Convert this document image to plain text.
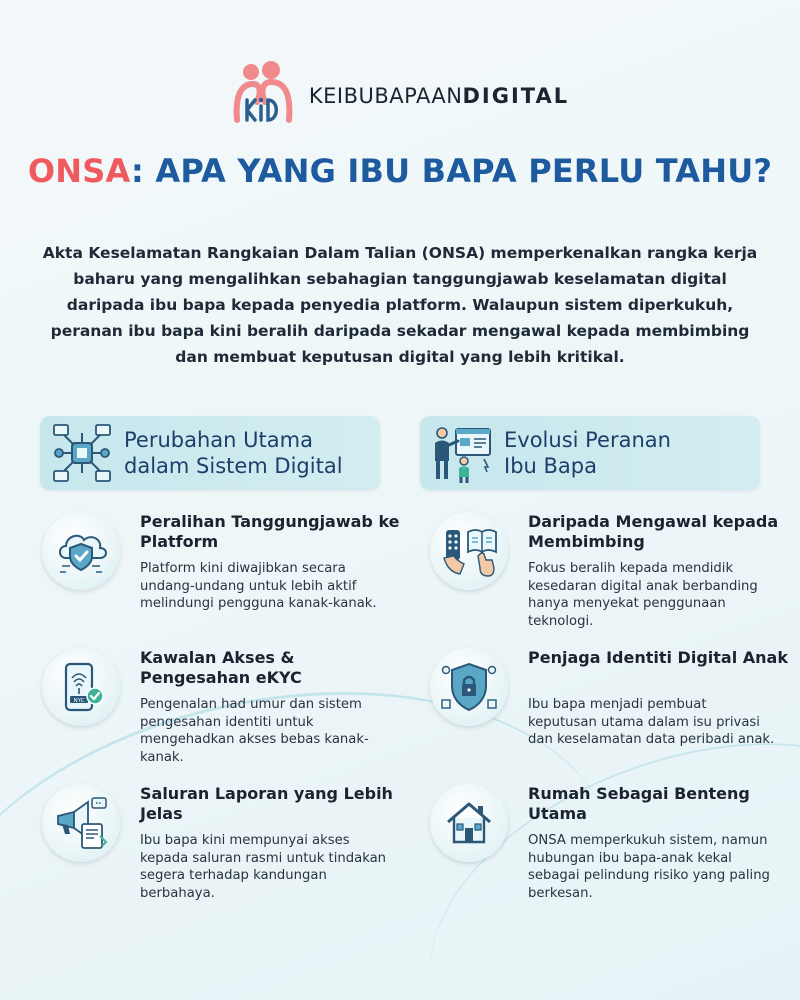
KEIBUBAPAANDIGITAL
ONSA: APA YANG IBU BAPA PERLU TAHU?
Akta Keselamatan Rangkaian Dalam Talian (ONSA) memperkenalkan rangka kerja baharu yang mengalihkan sebahagian tanggungjawab keselamatan digital daripada ibu bapa kepada penyedia platform. Walaupun sistem diperkukuh, peranan ibu bapa kini beralih daripada sekadar mengawal kepada membimbing dan membuat keputusan digital yang lebih kritikal.
Perubahan Utama
dalam Sistem Digital
Evolusi Peranan
Ibu Bapa
Peralihan Tanggungjawab ke Platform
Platform kini diwajibkan secara undang-undang untuk lebih aktif melindungi pengguna kanak-kanak.
NYC
Kawalan Akses & Pengesahan eKYC
Pengenalan had umur dan sistem pengesahan identiti untuk mengehadkan akses bebas kanak-kanak.
Saluran Laporan yang Lebih Jelas
Ibu bapa kini mempunyai akses kepada saluran rasmi untuk tindakan segera terhadap kandungan berbahaya.
Daripada Mengawal kepada Membimbing
Fokus beralih kepada mendidik kesedaran digital anak berbanding hanya menyekat penggunaan teknologi.
Penjaga Identiti Digital Anak
Ibu bapa menjadi pembuat keputusan utama dalam isu privasi dan keselamatan data peribadi anak.
Rumah Sebagai Benteng Utama
ONSA memperkukuh sistem, namun hubungan ibu bapa-anak kekal sebagai pelindung risiko yang paling berkesan.
